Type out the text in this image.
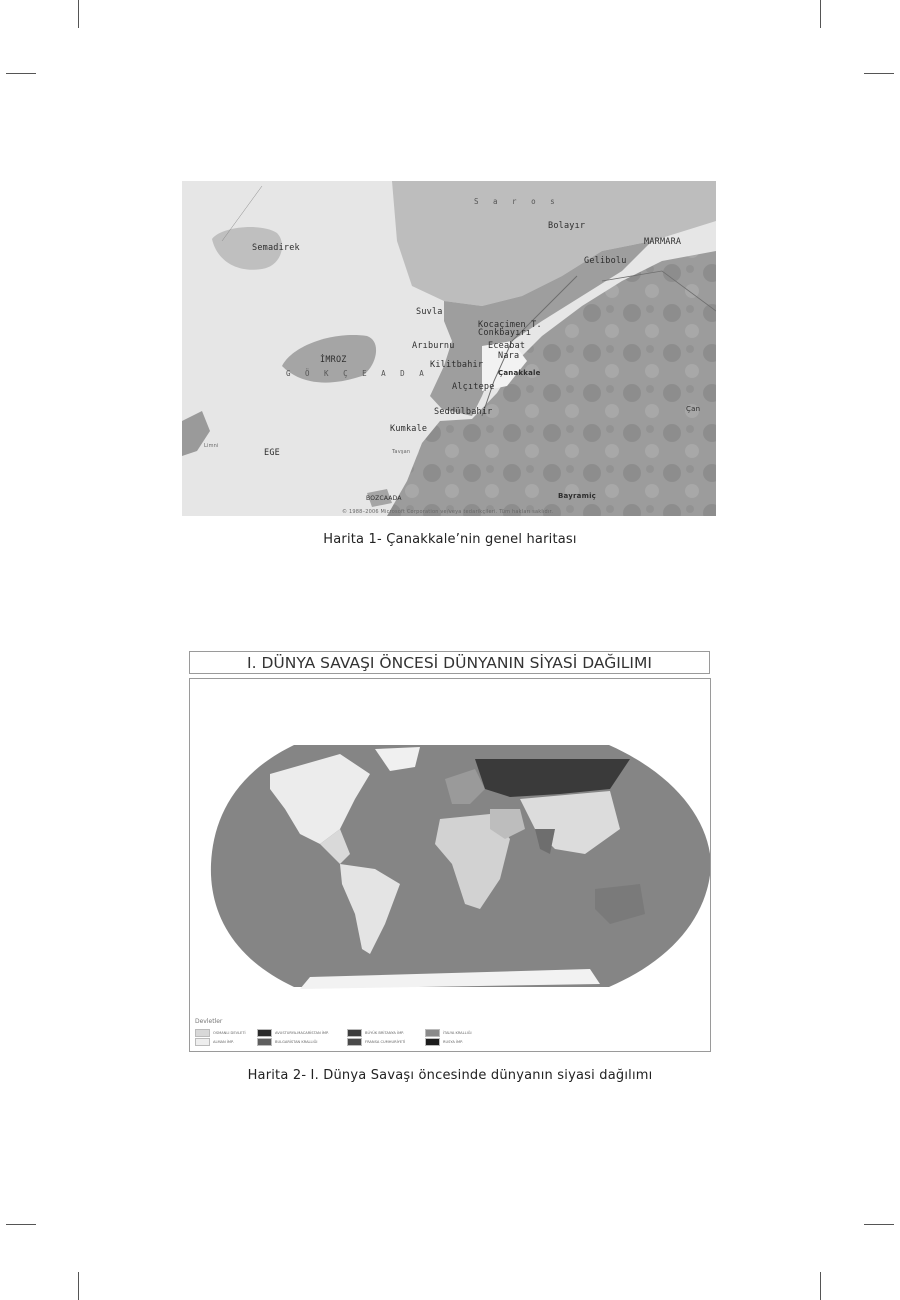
S a r o s
Bolayır
MARMARA
Gelibolu
Semadirek
Suvla
Kocaçimen T.
Conkbayırı
Arıburnu	Eceabat
Nara
Kilitbahir
Çanakkale
İMROZ
G Ö K Ç E A D A
Alçıtepe
Seddülbahir	Çan
Kumkale
Limni
EGE	Tavşan
BOZCAADA	Bayramiç
© 1988–2006 Microsoft Corporation ve/veya tedarikçileri. Tüm hakları saklıdır.
Harita 1- Çanakkale’nin genel haritası
I. DÜNYA SAVAŞI ÖNCESİ DÜNYANIN SİYASİ DAĞILIMI
Devletler
OSMANLI DEVLETİ	AVUSTURYA-MACARİSTAN İMP.	BÜYÜK BRİTANYA İMP.	İTALYA KRALLIĞI
ALMAN İMP.	BULGARİSTAN KRALLIĞI	FRANSA CUMHURİYETİ	RUSYA İMP.
Harita 2- I. Dünya Savaşı öncesinde dünyanın siyasi dağılımı
